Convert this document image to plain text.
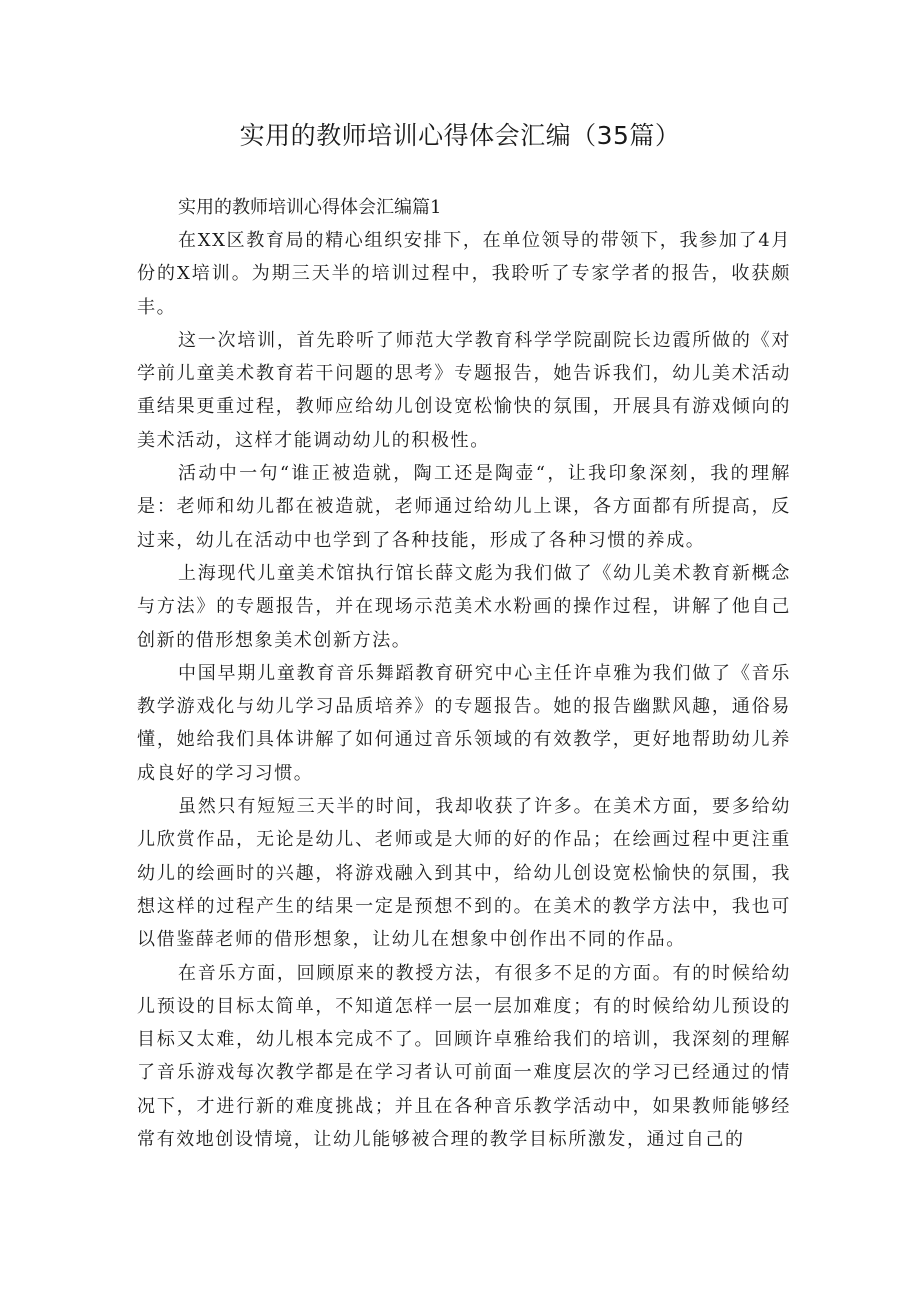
实用的教师培训心得体会汇编（35篇）
实用的教师培训心得体会汇编篇1

在XX区教育局的精心组织安排下，在单位领导的带领下，我参加了4月份的X培训。为期三天半的培训过程中，我聆听了专家学者的报告，收获颇丰。

这一次培训，首先聆听了师范大学教育科学学院副院长边霞所做的《对学前儿童美术教育若干问题的思考》专题报告，她告诉我们，幼儿美术活动重结果更重过程，教师应给幼儿创设宽松愉快的氛围，开展具有游戏倾向的美术活动，这样才能调动幼儿的积极性。

活动中一句“谁正被造就，陶工还是陶壶“，让我印象深刻，我的理解是：老师和幼儿都在被造就，老师通过给幼儿上课，各方面都有所提高，反过来，幼儿在活动中也学到了各种技能，形成了各种习惯的养成。

上海现代儿童美术馆执行馆长薛文彪为我们做了《幼儿美术教育新概念与方法》的专题报告，并在现场示范美术水粉画的操作过程，讲解了他自己创新的借形想象美术创新方法。

中国早期儿童教育音乐舞蹈教育研究中心主任许卓雅为我们做了《音乐教学游戏化与幼儿学习品质培养》的专题报告。她的报告幽默风趣，通俗易懂，她给我们具体讲解了如何通过音乐领域的有效教学，更好地帮助幼儿养成良好的学习习惯。

虽然只有短短三天半的时间，我却收获了许多。在美术方面，要多给幼儿欣赏作品，无论是幼儿、老师或是大师的好的作品；在绘画过程中更注重幼儿的绘画时的兴趣，将游戏融入到其中，给幼儿创设宽松愉快的氛围，我想这样的过程产生的结果一定是预想不到的。在美术的教学方法中，我也可以借鉴薛老师的借形想象，让幼儿在想象中创作出不同的作品。

在音乐方面，回顾原来的教授方法，有很多不足的方面。有的时候给幼儿预设的目标太简单，不知道怎样一层一层加难度；有的时候给幼儿预设的目标又太难，幼儿根本完成不了。回顾许卓雅给我们的培训，我深刻的理解了音乐游戏每次教学都是在学习者认可前面一难度层次的学习已经通过的情况下，才进行新的难度挑战；并且在各种音乐教学活动中，如果教师能够经常有效地创设情境，让幼儿能够被合理的教学目标所激发，通过自己的
